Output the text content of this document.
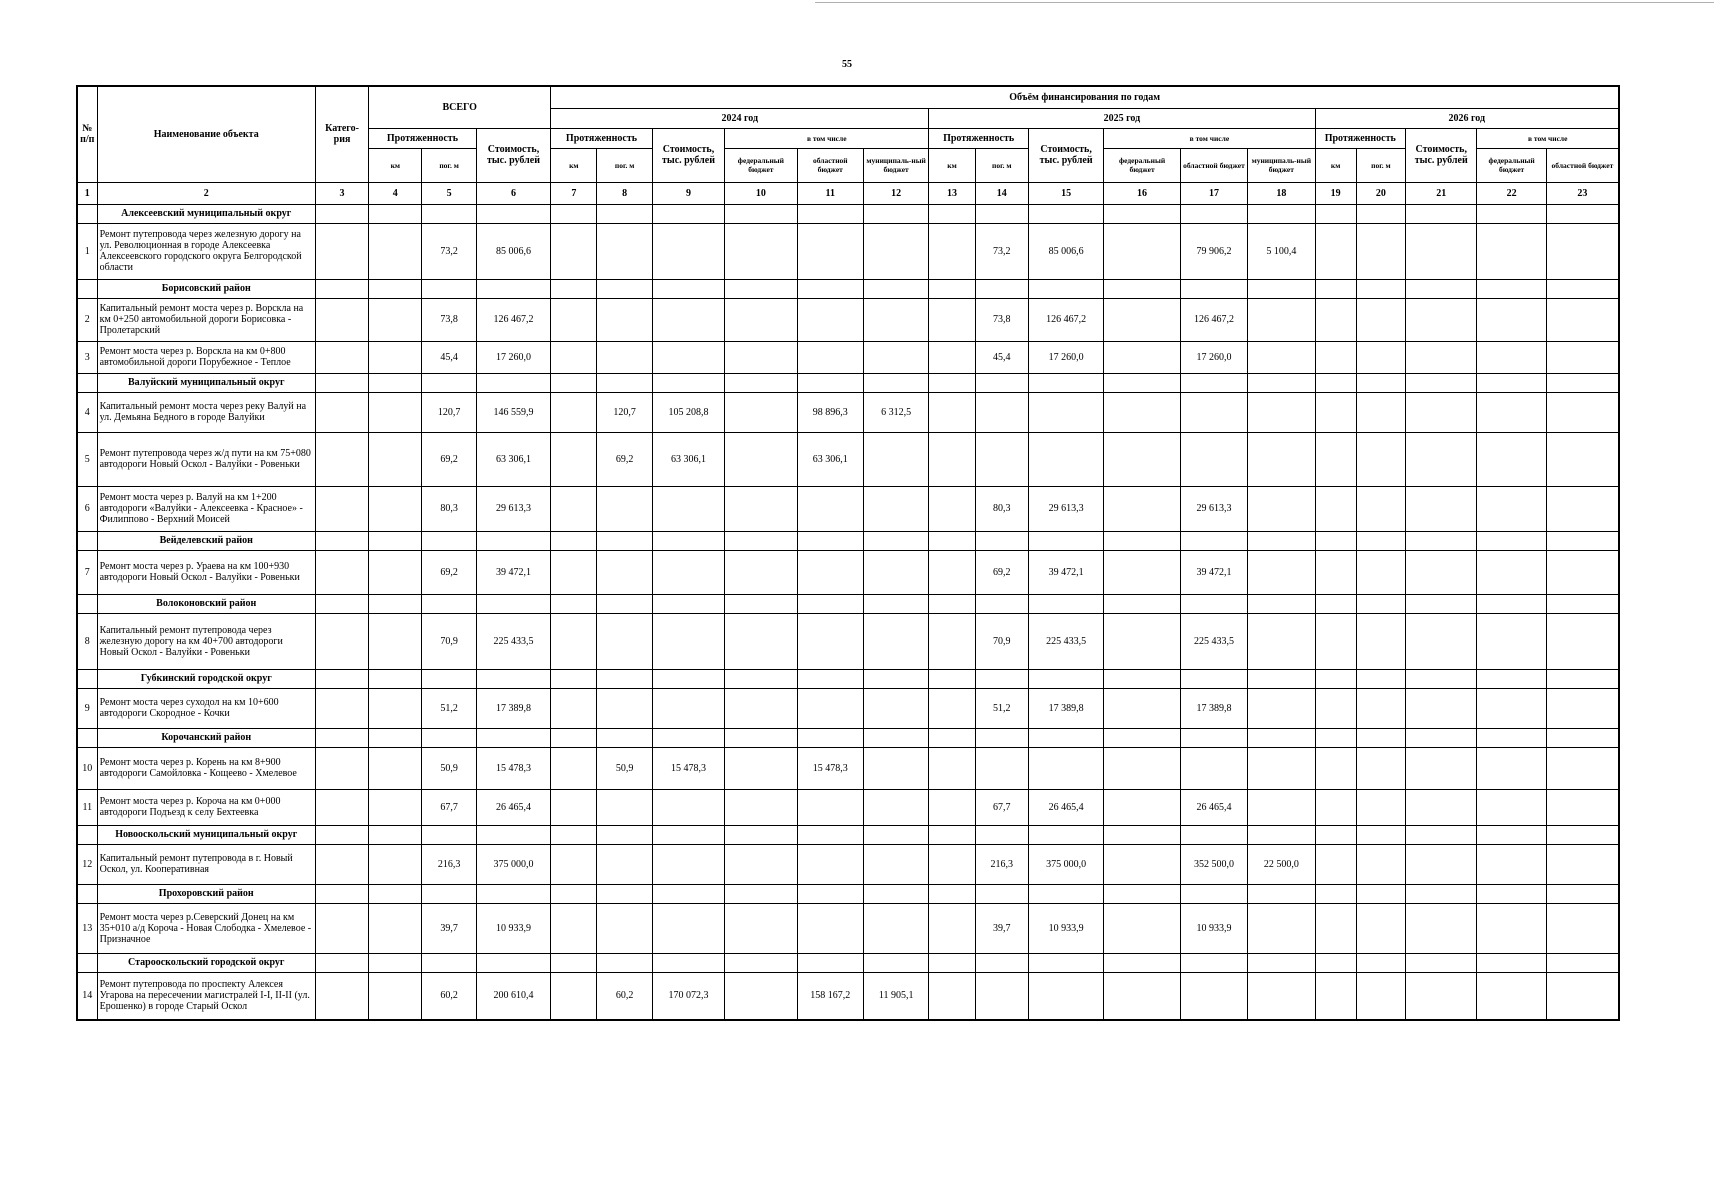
55
№ п/п	Наименование объекта	Катего-рия	ВСЕГО			Объём финансирования по годам																
						2024 год						2025 год						2026 год				
			Протяженность		Стоимость, тыс. рублей	Протяженность		Стоимость, тыс. рублей	в том числе			Протяженность		Стоимость, тыс. рублей	в том числе			Протяженность		Стоимость, тыс. рублей	в том числе	
			км	пог. м		км	пог. м		федеральный бюджет	областной бюджет	муниципаль-ный бюджет	км	пог. м		федеральный бюджет	областной бюджет	муниципаль-ный бюджет	км	пог. м		федеральный бюджет	областной бюджет
1	2	3	4	5	6	7	8	9	10	11	12	13	14	15	16	17	18	19	20	21	22	23
	Алексеевский муниципальный округ																					
1	Ремонт путепровода через железную дорогу на ул. Революционная в городе Алексеевка Алексеевского городского округа Белгородской области			73,2	85 006,6								73,2	85 006,6		79 906,2	5 100,4					
	Борисовский район																					
2	Капитальный ремонт моста через р. Ворскла на км 0+250 автомобильной дороги Борисовка - Пролетарский			73,8	126 467,2								73,8	126 467,2		126 467,2						
3	Ремонт моста через р. Ворскла на км 0+800 автомобильной дороги Порубежное - Теплое			45,4	17 260,0								45,4	17 260,0		17 260,0						
	Валуйский муниципальный округ																					
4	Капитальный ремонт моста через реку Валуй на ул. Демьяна Бедного в городе Валуйки			120,7	146 559,9		120,7	105 208,8		98 896,3	6 312,5											
5	Ремонт путепровода через ж/д пути на км 75+080 автодороги Новый Оскол - Валуйки - Ровеньки			69,2	63 306,1		69,2	63 306,1		63 306,1												
6	Ремонт моста через р. Валуй на км 1+200 автодороги «Валуйки - Алексеевка - Красное» - Филиппово - Верхний Моисей			80,3	29 613,3								80,3	29 613,3		29 613,3						
	Вейделевский район																					
7	Ремонт моста через р. Ураева на км 100+930 автодороги Новый Оскол - Валуйки - Ровеньки			69,2	39 472,1								69,2	39 472,1		39 472,1						
	Волоконовский район																					
8	Капитальный ремонт путепровода через железную дорогу на км 40+700 автодороги Новый Оскол - Валуйки - Ровеньки			70,9	225 433,5								70,9	225 433,5		225 433,5						
	Губкинский городской округ																					
9	Ремонт моста через суходол на км 10+600 автодороги Скородное - Кочки			51,2	17 389,8								51,2	17 389,8		17 389,8						
	Корочанский район																					
10	Ремонт моста через р. Корень на км 8+900 автодороги Самойловка - Кощеево - Хмелевое			50,9	15 478,3		50,9	15 478,3		15 478,3												
11	Ремонт моста через р. Короча на км 0+000 автодороги Подъезд к селу Бехтеевка			67,7	26 465,4								67,7	26 465,4		26 465,4						
	Новооскольский муниципальный округ																					
12	Капитальный ремонт путепровода в г. Новый Оскол, ул. Кооперативная			216,3	375 000,0								216,3	375 000,0		352 500,0	22 500,0					
	Прохоровский район																					
13	Ремонт моста через р.Северский Донец на км 35+010 а/д Короча - Новая Слободка - Хмелевое - Призначное			39,7	10 933,9								39,7	10 933,9		10 933,9						
	Старооскольский городской округ																					
14	Ремонт путепровода по проспекту Алексея Угарова на пересечении магистралей I-I, II-II (ул. Ерошенко) в городе Старый Оскол			60,2	200 610,4		60,2	170 072,3		158 167,2	11 905,1											
